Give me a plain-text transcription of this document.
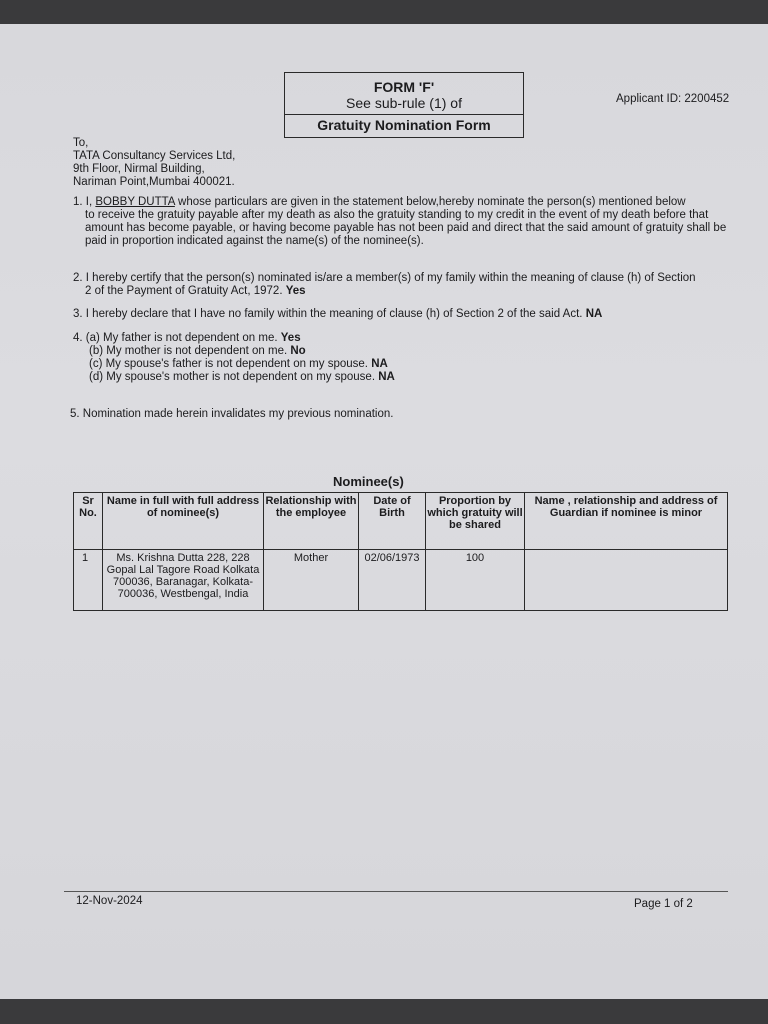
FORM 'F'
See sub-rule (1) of
Gratuity Nomination Form
Applicant ID: 2200452
To,
TATA Consultancy Services Ltd,
9th Floor, Nirmal Building,
Nariman Point,Mumbai 400021.
1. I, BOBBY DUTTA whose particulars are given in the statement below,hereby nominate the person(s) mentioned below
to receive the gratuity payable after my death as also the gratuity standing to my credit in the event of my death before that amount has become payable, or having become payable has not been paid and direct that the said amount of gratuity shall be paid in proportion indicated against the name(s) of the nominee(s).
2. I hereby certify that the person(s) nominated is/are a member(s) of my family within the meaning of clause (h) of Section
2 of the Payment of Gratuity Act, 1972. Yes
3. I hereby declare that I have no family within the meaning of clause (h) of Section 2 of the said Act. NA
4. (a) My father is not dependent on me. Yes
(b) My mother is not dependent on me. No
(c) My spouse's father is not dependent on my spouse. NA
(d) My spouse's mother is not dependent on my spouse. NA
5. Nomination made herein invalidates my previous nomination.
Nominee(s)
Sr No.	Name in full with full address of nominee(s)	Relationship with the employee	Date of Birth	Proportion by which gratuity will be shared	Name , relationship and address of Guardian if nominee is minor
1	Ms. Krishna Dutta 228, 228 Gopal Lal Tagore Road Kolkata 700036, Baranagar, Kolkata- 700036, Westbengal, India	Mother	02/06/1973	100	
12-Nov-2024	Page 1 of 2
